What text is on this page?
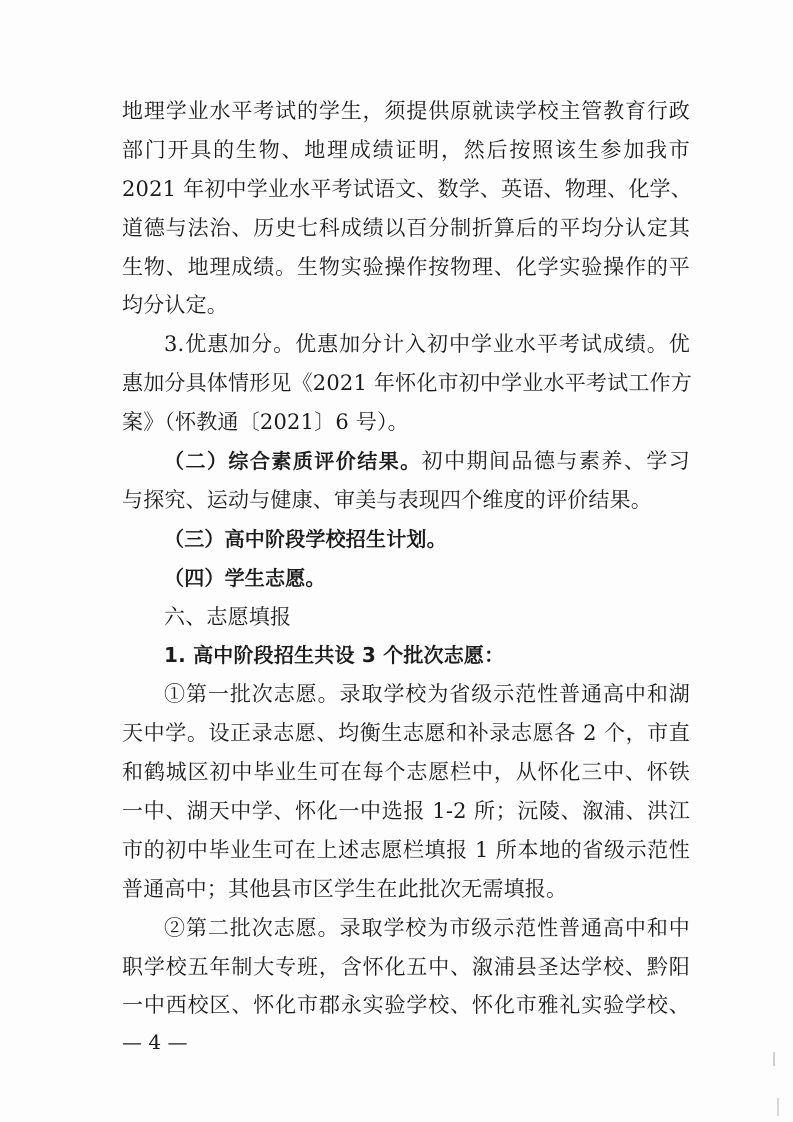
地理学业水平考试的学生，须提供原就读学校主管教育行政
部门开具的生物、地理成绩证明，然后按照该生参加我市
2021 年初中学业水平考试语文、数学、英语、物理、化学、
道德与法治、历史七科成绩以百分制折算后的平均分认定其
生物、地理成绩。生物实验操作按物理、化学实验操作的平
均分认定。
3.优惠加分。优惠加分计入初中学业水平考试成绩。优
惠加分具体情形见《2021 年怀化市初中学业水平考试工作方
案》（怀教通〔2021〕6 号）。
（二）综合素质评价结果。初中期间品德与素养、学习
与探究、运动与健康、审美与表现四个维度的评价结果。
（三）高中阶段学校招生计划。
（四）学生志愿。
六、志愿填报
1. 高中阶段招生共设 3 个批次志愿：
①第一批次志愿。录取学校为省级示范性普通高中和湖
天中学。设正录志愿、均衡生志愿和补录志愿各 2 个，市直
和鹤城区初中毕业生可在每个志愿栏中，从怀化三中、怀铁
一中、湖天中学、怀化一中选报 1-2 所；沅陵、溆浦、洪江
市的初中毕业生可在上述志愿栏填报 1 所本地的省级示范性
普通高中；其他县市区学生在此批次无需填报。
②第二批次志愿。录取学校为市级示范性普通高中和中
职学校五年制大专班，含怀化五中、溆浦县圣达学校、黔阳
一中西校区、怀化市郡永实验学校、怀化市雅礼实验学校、
— 4 —
